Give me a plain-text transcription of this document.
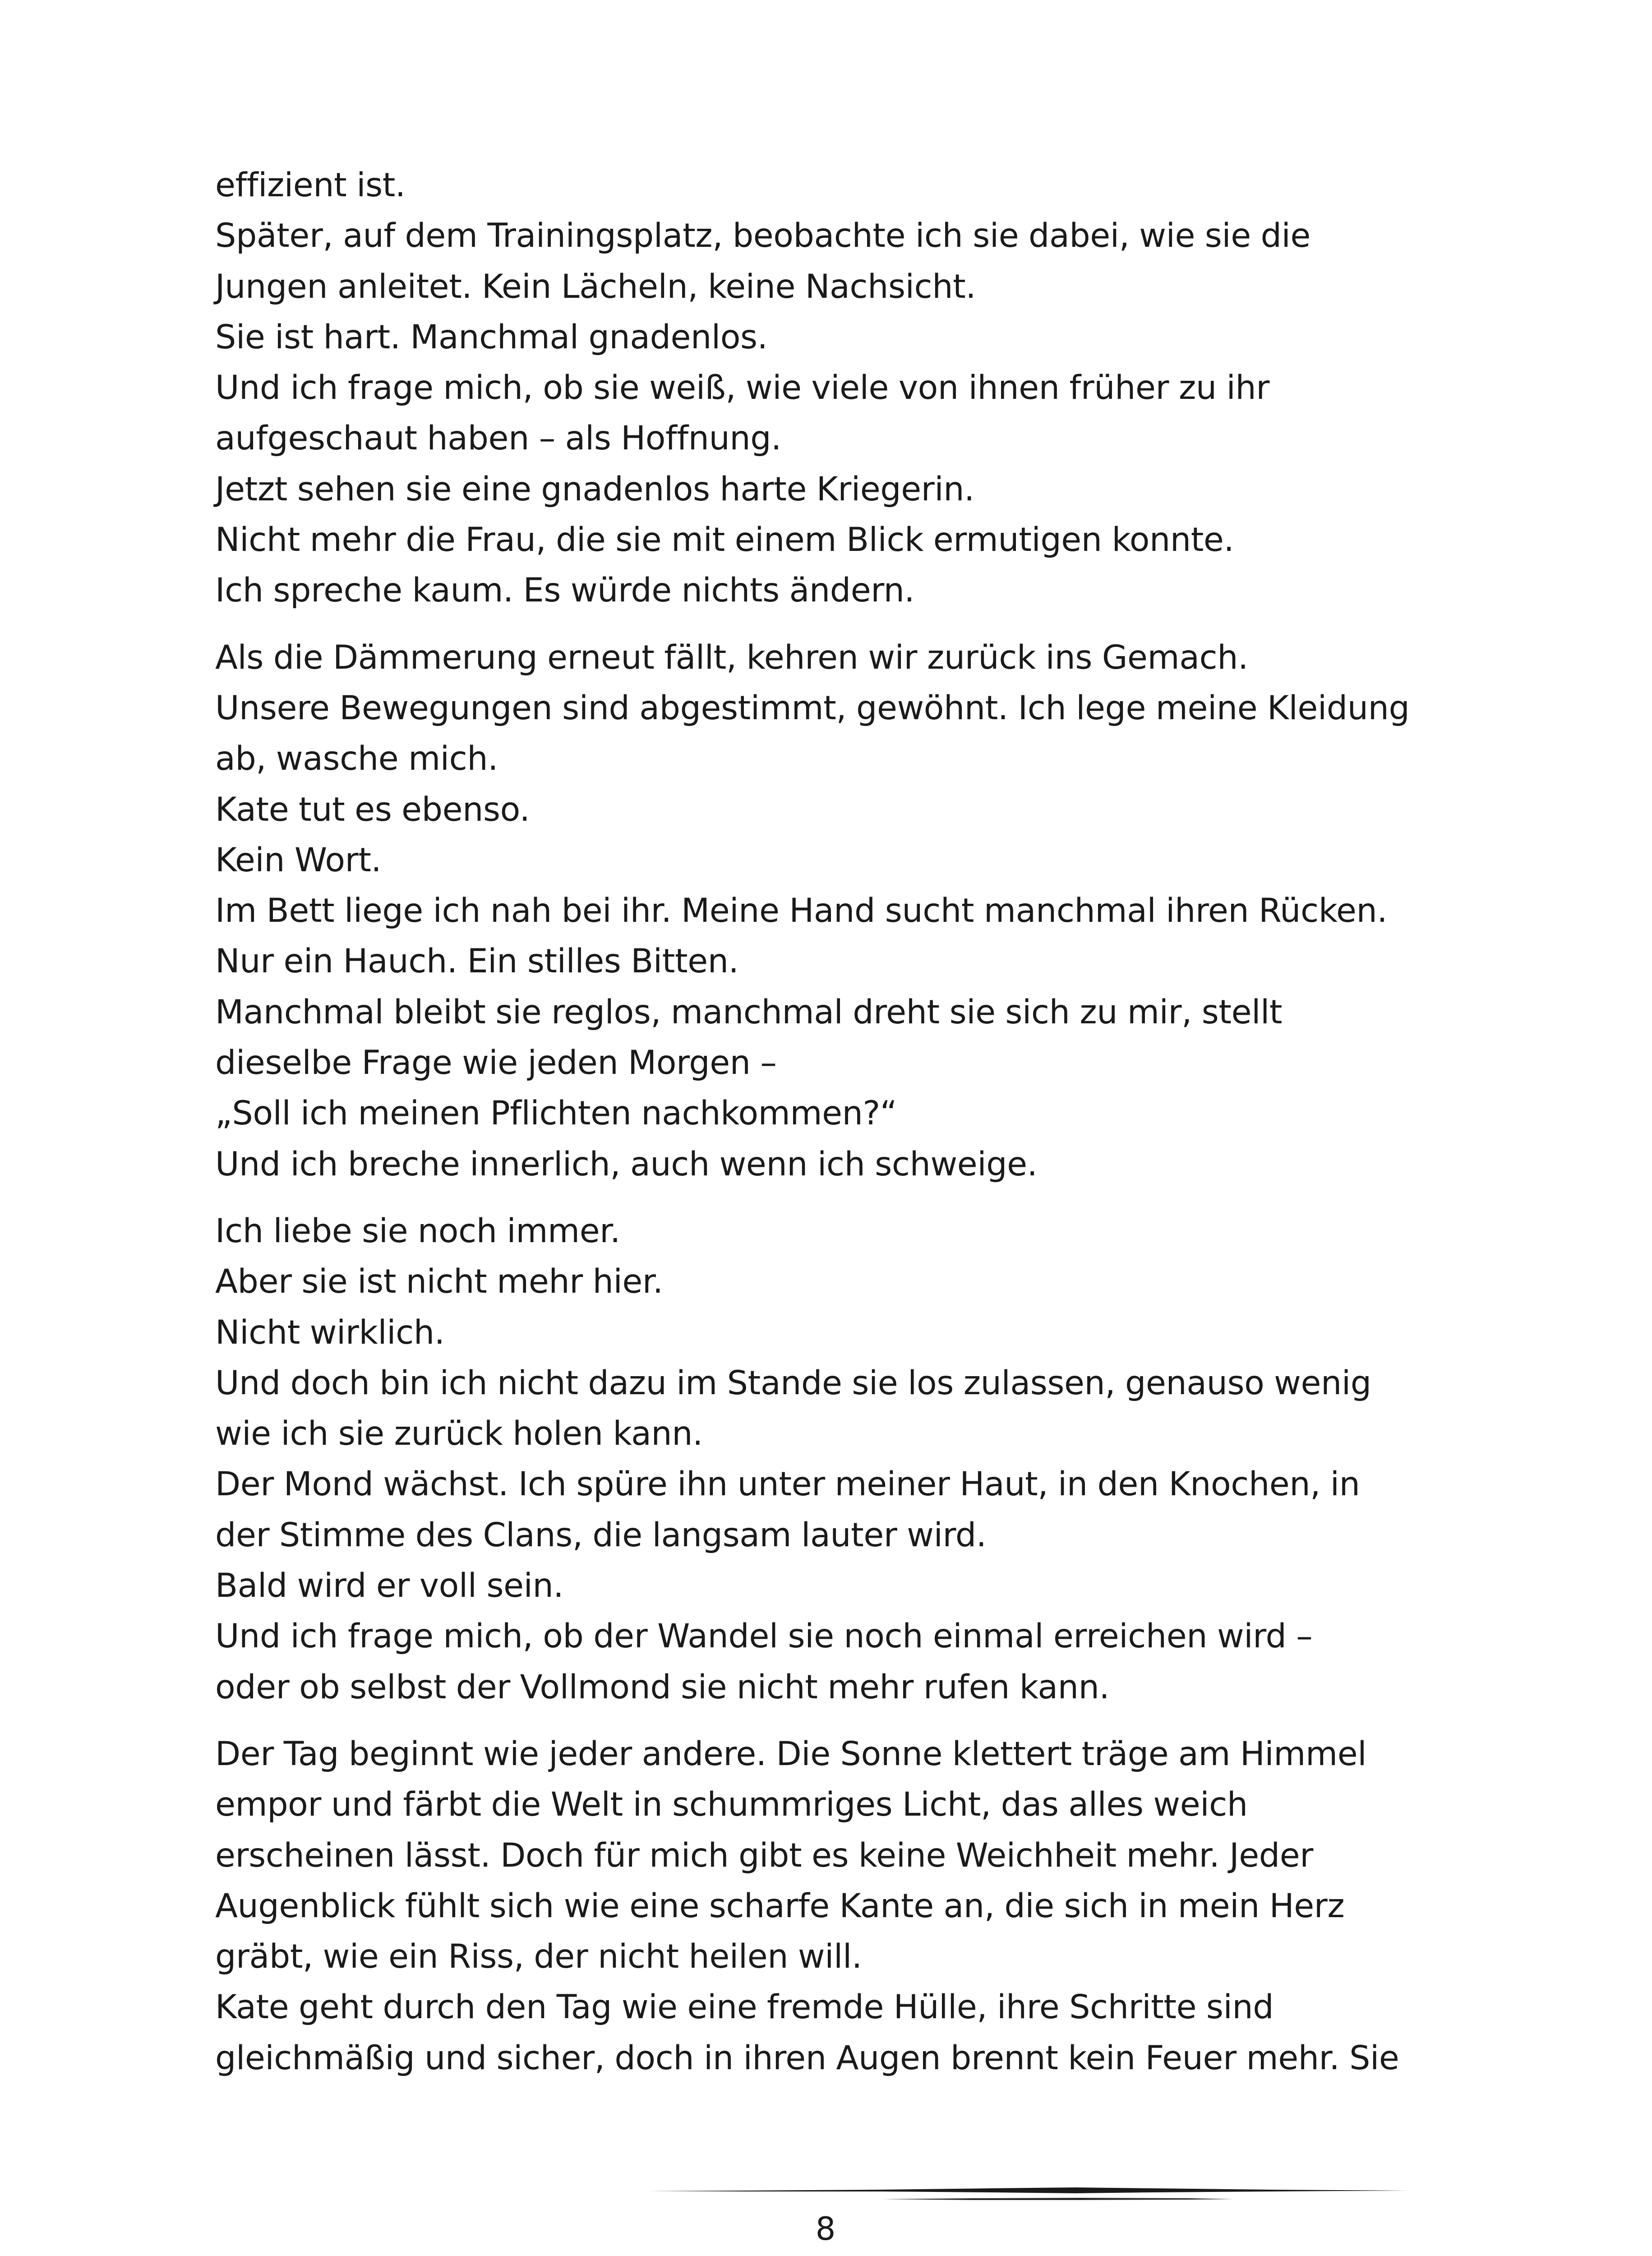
effizient ist.
Später, auf dem Trainingsplatz, beobachte ich sie dabei, wie sie die
Jungen anleitet. Kein Lächeln, keine Nachsicht.
Sie ist hart. Manchmal gnadenlos.
Und ich frage mich, ob sie weiß, wie viele von ihnen früher zu ihr
aufgeschaut haben – als Hoffnung.
Jetzt sehen sie eine gnadenlos harte Kriegerin.
Nicht mehr die Frau, die sie mit einem Blick ermutigen konnte.
Ich spreche kaum. Es würde nichts ändern.
Als die Dämmerung erneut fällt, kehren wir zurück ins Gemach.
Unsere Bewegungen sind abgestimmt, gewöhnt. Ich lege meine Kleidung
ab, wasche mich.
Kate tut es ebenso.
Kein Wort.
Im Bett liege ich nah bei ihr. Meine Hand sucht manchmal ihren Rücken.
Nur ein Hauch. Ein stilles Bitten.
Manchmal bleibt sie reglos, manchmal dreht sie sich zu mir, stellt
dieselbe Frage wie jeden Morgen –
„Soll ich meinen Pflichten nachkommen?“
Und ich breche innerlich, auch wenn ich schweige.
Ich liebe sie noch immer.
Aber sie ist nicht mehr hier.
Nicht wirklich.
Und doch bin ich nicht dazu im Stande sie los zulassen, genauso wenig
wie ich sie zurück holen kann.
Der Mond wächst. Ich spüre ihn unter meiner Haut, in den Knochen, in
der Stimme des Clans, die langsam lauter wird.
Bald wird er voll sein.
Und ich frage mich, ob der Wandel sie noch einmal erreichen wird –
oder ob selbst der Vollmond sie nicht mehr rufen kann.
Der Tag beginnt wie jeder andere. Die Sonne klettert träge am Himmel
empor und färbt die Welt in schummriges Licht, das alles weich
erscheinen lässt. Doch für mich gibt es keine Weichheit mehr. Jeder
Augenblick fühlt sich wie eine scharfe Kante an, die sich in mein Herz
gräbt, wie ein Riss, der nicht heilen will.
Kate geht durch den Tag wie eine fremde Hülle, ihre Schritte sind
gleichmäßig und sicher, doch in ihren Augen brennt kein Feuer mehr. Sie
8
